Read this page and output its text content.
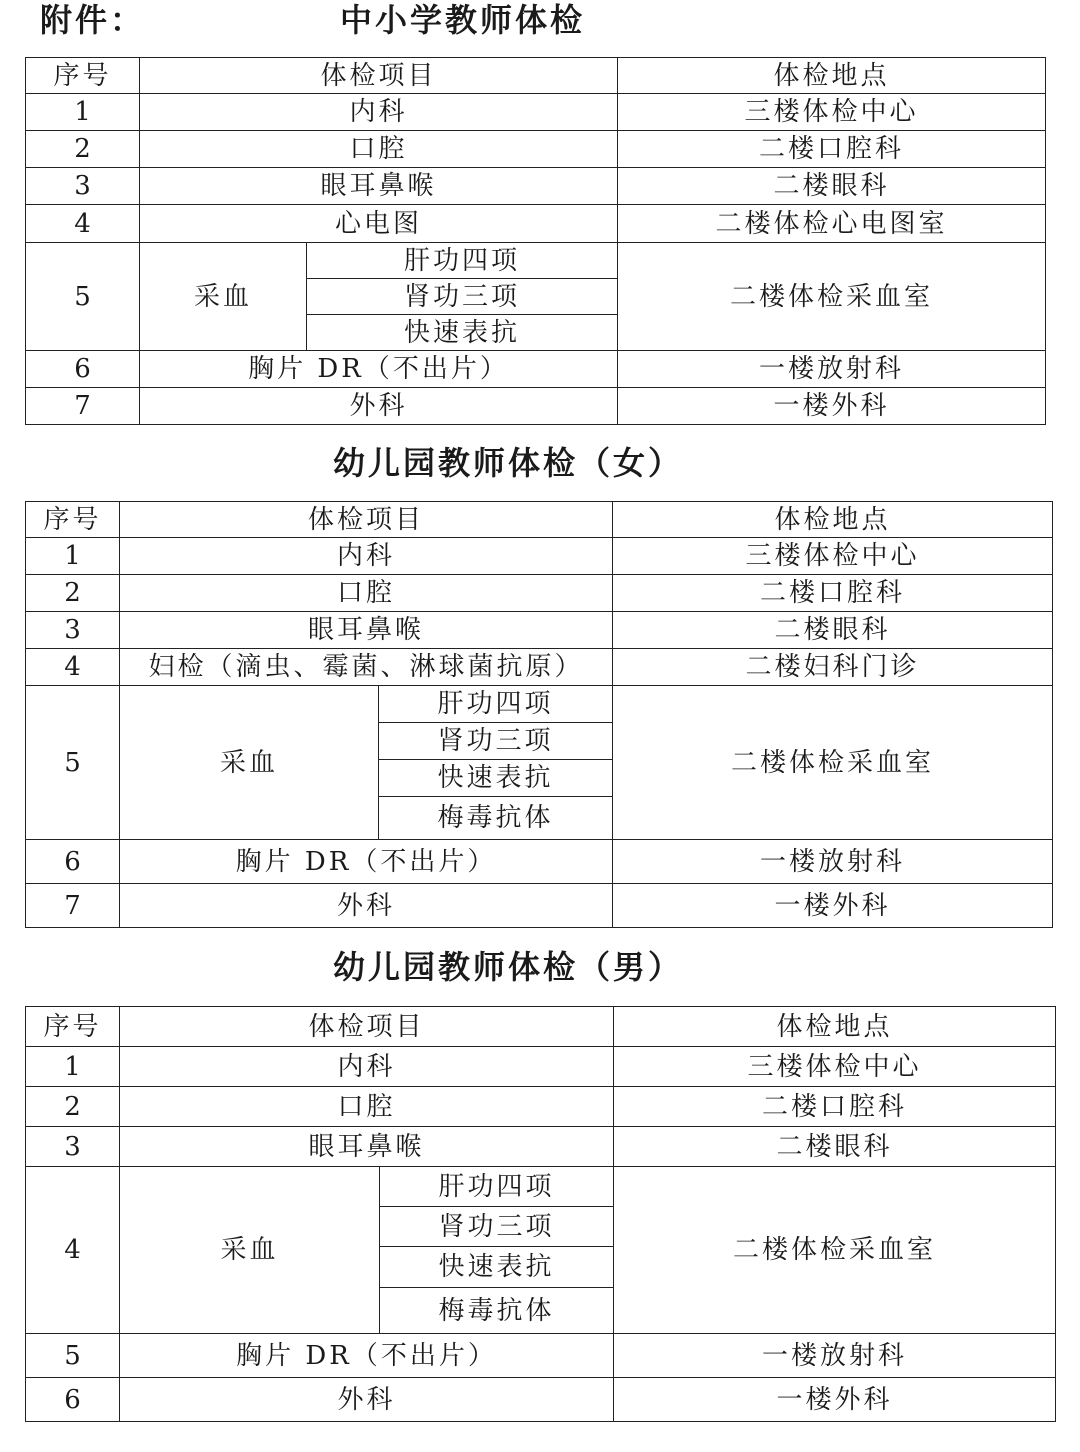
附件：	中小学教师体检
序号	体检项目		体检地点
1	内科		三楼体检中心
2	口腔		二楼口腔科
3	眼耳鼻喉		二楼眼科
4	心电图		二楼体检心电图室
5	采血	肝功四项	二楼体检采血室
		肾功三项	
		快速表抗	
6	胸片 DR（不出片）		一楼放射科
7	外科		一楼外科
幼儿园教师体检（女）
序号	体检项目		体检地点
1	内科		三楼体检中心
2	口腔		二楼口腔科
3	眼耳鼻喉		二楼眼科
4	妇检（滴虫、霉菌、淋球菌抗原）		二楼妇科门诊
5	采血	肝功四项	二楼体检采血室
		肾功三项	
		快速表抗	
		梅毒抗体	
6	胸片 DR（不出片）		一楼放射科
7	外科		一楼外科
幼儿园教师体检（男）
序号	体检项目		体检地点
1	内科		三楼体检中心
2	口腔		二楼口腔科
3	眼耳鼻喉		二楼眼科
4	采血	肝功四项	二楼体检采血室
		肾功三项	
		快速表抗	
		梅毒抗体	
5	胸片 DR（不出片）		一楼放射科
6	外科		一楼外科
